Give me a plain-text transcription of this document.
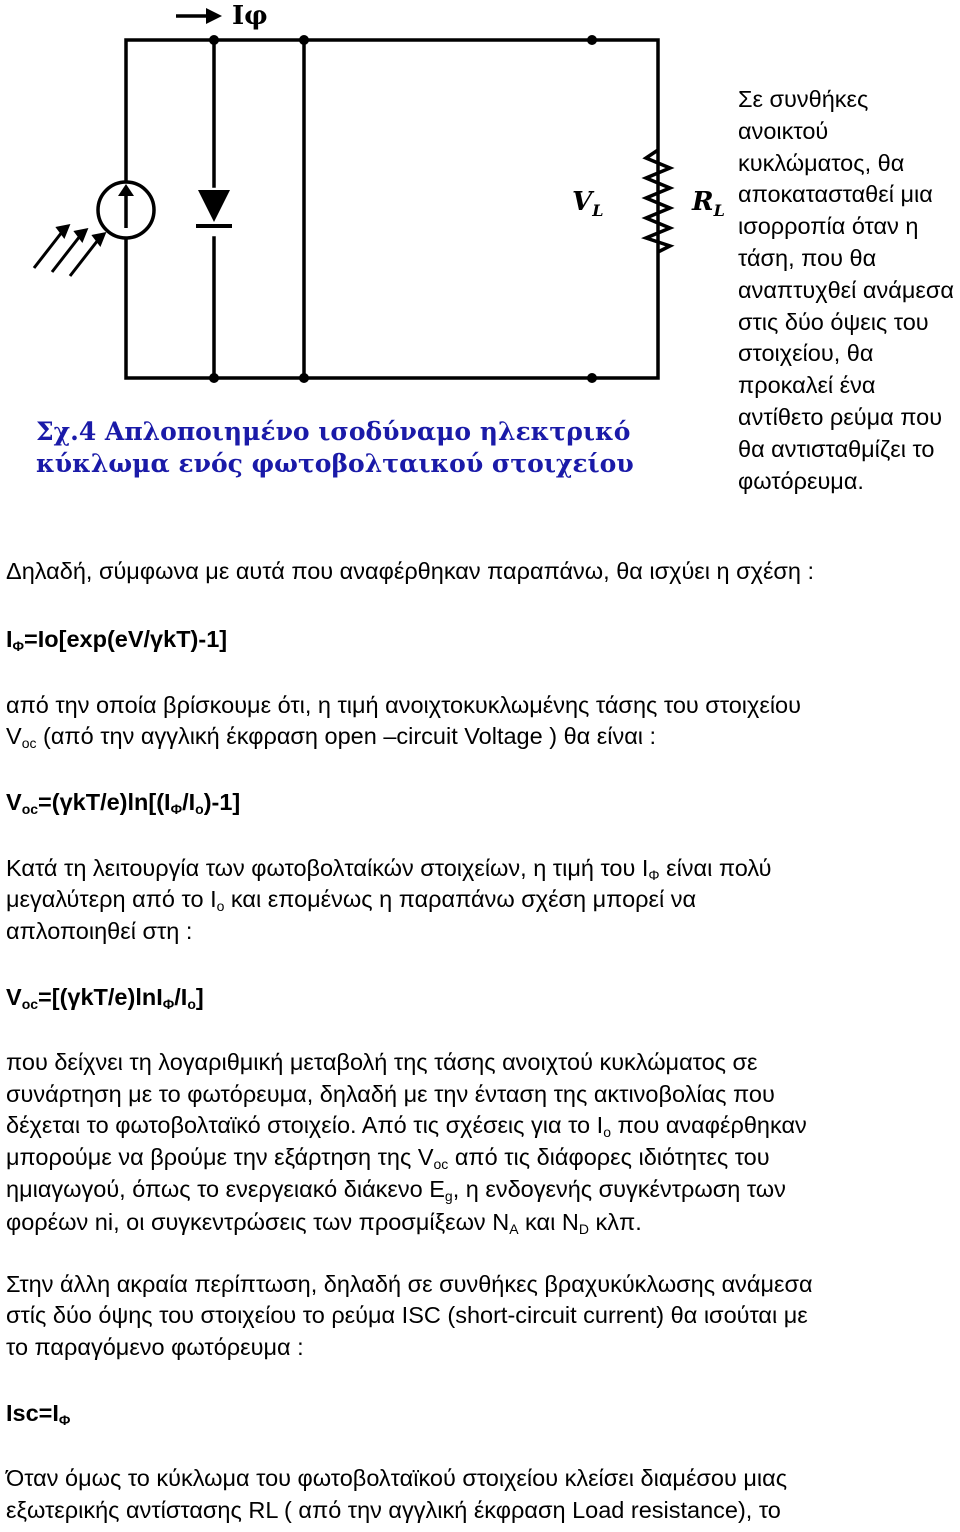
Iφ
$V_L$	$R_L$
Σχ.4 Απλοποιημένο ισοδύναμο ηλεκτρικό
κύκλωμα ενός φωτοβολταικού στοιχείου
Σε συνθήκες ανοικτού κυκλώματος, θα αποκατασταθεί μια ισορροπία όταν η τάση, που θα αναπτυχθεί ανάμεσα στις δύο όψεις του στοιχείου, θα προκαλεί ένα αντίθετο ρεύμα που θα αντισταθμίζει το φωτόρευμα.

Δηλαδή, σύμφωνα με αυτά που αναφέρθηκαν παραπάνω, θα ισχύει η σχέση :

$I_\Phi=Io[\exp(eV/\gamma kT)-1]$

από την οποία βρίσκουμε ότι, η τιμή ανοιχτοκυκλωμένης τάσης του στοιχείου

$V_{oc}$ (από την αγγλική έκφραση open –circuit Voltage ) θα είναι :

$V_{oc}=(\gamma kT/e)\ln[(I_\Phi/I_o)-1]$

Κατά τη λειτουργία των φωτοβολταίκών στοιχείων, η τιμή του $I_\Phi$ είναι πολύ

μεγαλύτερη από το $I_o$ και επομένως η παραπάνω σχέση μπορεί να

απλοποιηθεί στη :

$V_{oc}=[(\gamma kT/e)\ln I_\Phi/I_o]$

που δείχνει τη λογαριθμική μεταβολή της τάσης ανοιχτού κυκλώματος σε

συνάρτηση με το φωτόρευμα, δηλαδή με την ένταση της ακτινοβολίας που

δέχεται το φωτοβολταϊκό στοιχείο. Από τις σχέσεις για το $I_o$ που αναφέρθηκαν

μπορούμε να βρούμε την εξάρτηση της $V_{oc}$ από τις διάφορες ιδιότητες του

ημιαγωγού, όπως το ενεργειακό διάκενο $E_g$, η ενδογενής συγκέντρωση των

φορέων ni, οι συγκεντρώσεις των προσμίξεων $N_A$ και $N_D$ κλπ.

Στην άλλη ακραία περίπτωση, δηλαδή σε συνθήκες βραχυκύκλωσης ανάμεσα

στίς δύο όψης του στοιχείου το ρεύμα ISC (short-circuit current) θα ισούται με

το παραγόμενο φωτόρευμα :

$Isc=I_\Phi$

Όταν όμως το κύκλωμα του φωτοβολταϊκού στοιχείου κλείσει διαμέσου μιας

εξωτερικής αντίστασης RL ( από την αγγλική έκφραση Load resistance), το
